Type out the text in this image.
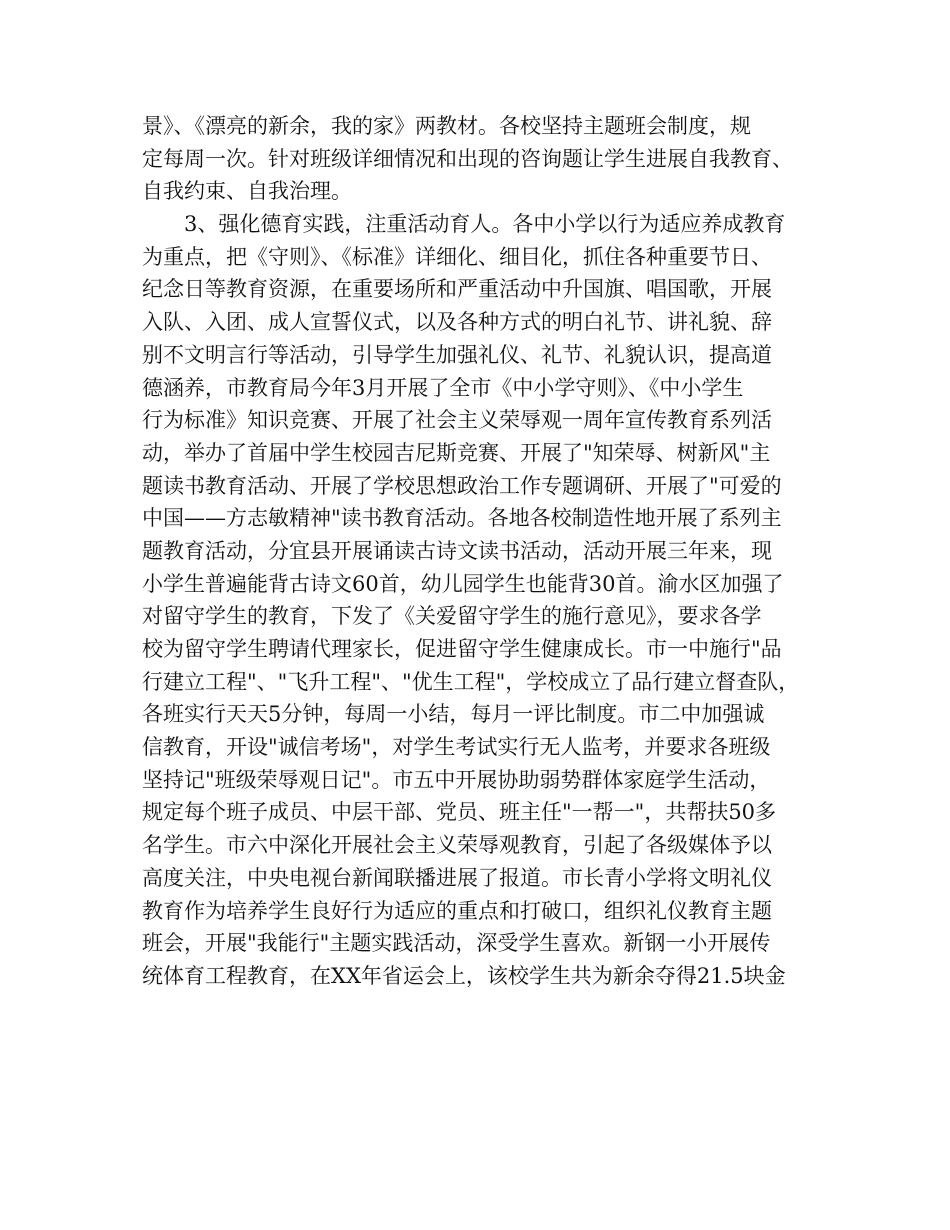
景》、《漂亮的新余，我的家》两教材。各校坚持主题班会制度，规
定每周一次。针对班级详细情况和出现的咨询题让学生进展自我教育、
自我约束、自我治理。
3、强化德育实践，注重活动育人。各中小学以行为适应养成教育
为重点，把《守则》、《标准》详细化、细目化，抓住各种重要节日、
纪念日等教育资源，在重要场所和严重活动中升国旗、唱国歌，开展
入队、入团、成人宣誓仪式，以及各种方式的明白礼节、讲礼貌、辞
别不文明言行等活动，引导学生加强礼仪、礼节、礼貌认识，提高道
德涵养，市教育局今年3月开展了全市《中小学守则》、《中小学生
行为标准》知识竞赛、开展了社会主义荣辱观一周年宣传教育系列活
动，举办了首届中学生校园吉尼斯竞赛、开展了"知荣辱、树新风"主
题读书教育活动、开展了学校思想政治工作专题调研、开展了"可爱的
中国——方志敏精神"读书教育活动。各地各校制造性地开展了系列主
题教育活动，分宜县开展诵读古诗文读书活动，活动开展三年来，现
小学生普遍能背古诗文60首，幼儿园学生也能背30首。渝水区加强了
对留守学生的教育，下发了《关爱留守学生的施行意见》，要求各学
校为留守学生聘请代理家长，促进留守学生健康成长。市一中施行"品
行建立工程"、"飞升工程"、"优生工程"，学校成立了品行建立督查队，
各班实行天天5分钟，每周一小结，每月一评比制度。市二中加强诚
信教育，开设"诚信考场"，对学生考试实行无人监考，并要求各班级
坚持记"班级荣辱观日记"。市五中开展协助弱势群体家庭学生活动，
规定每个班子成员、中层干部、党员、班主任"一帮一"，共帮扶50多
名学生。市六中深化开展社会主义荣辱观教育，引起了各级媒体予以
高度关注，中央电视台新闻联播进展了报道。市长青小学将文明礼仪
教育作为培养学生良好行为适应的重点和打破口，组织礼仪教育主题
班会，开展"我能行"主题实践活动，深受学生喜欢。新钢一小开展传
统体育工程教育，在XX年省运会上，该校学生共为新余夺得21.5块金
